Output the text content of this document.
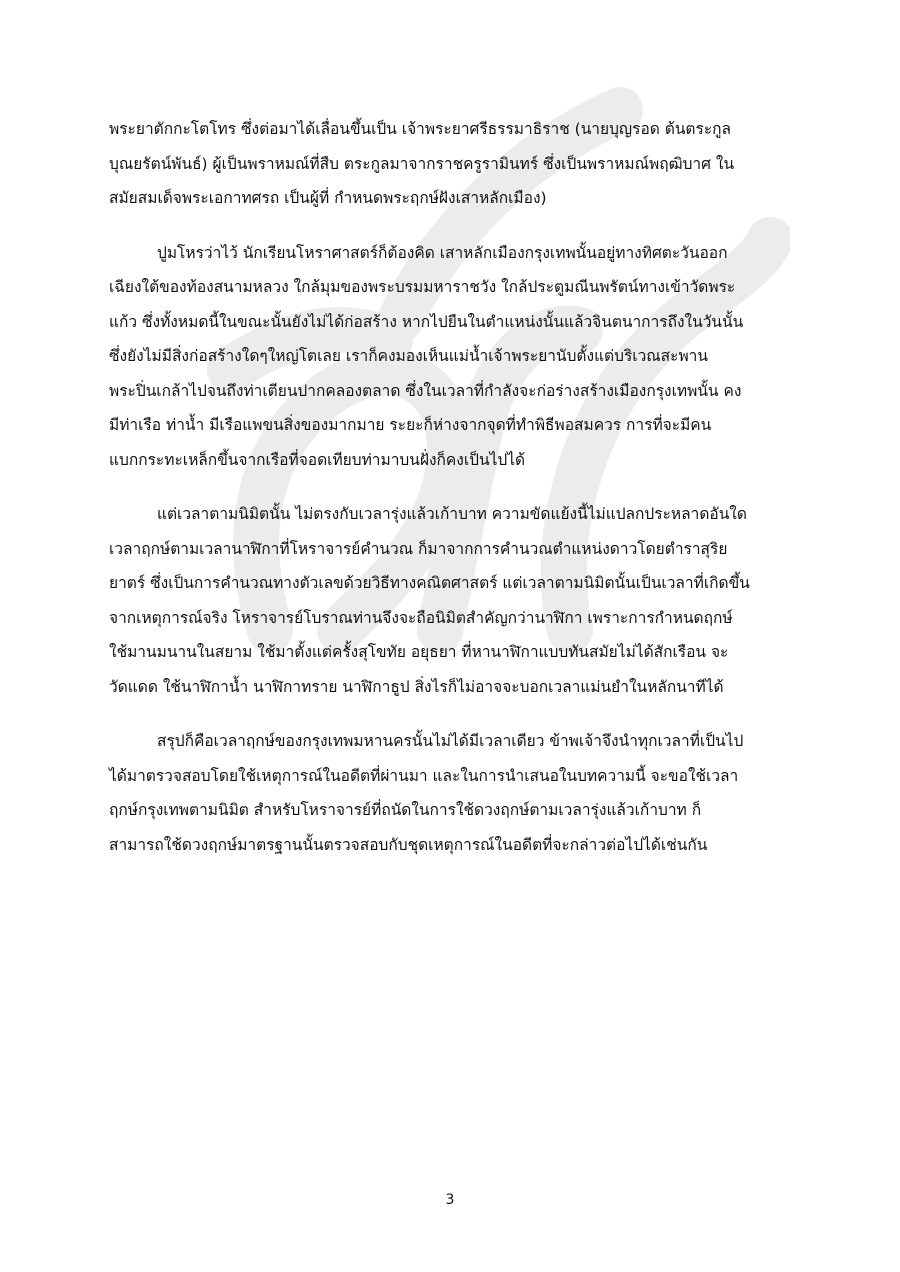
พระยาตักกะโตโทร ซึ่งต่อมาได้เลื่อนขึ้นเป็น เจ้าพระยาศรีธรรมาธิราช (นายบุญรอด ต้นตระกูล
บุณยรัตน์พันธ์) ผู้เป็นพราหมณ์ที่สืบ ตระกูลมาจากราชครูรามินทร์ ซึ่งเป็นพราหมณ์พฤฒิบาศ ใน
สมัยสมเด็จพระเอกาทศรถ เป็นผู้ที่ กำหนดพระฤกษ์ฝังเสาหลักเมือง)
ปูมโหรว่าไว้ นักเรียนโหราศาสตร์ก็ต้องคิด เสาหลักเมืองกรุงเทพนั้นอยู่ทางทิศตะวันออก
เฉียงใต้ของท้องสนามหลวง ใกล้มุมของพระบรมมหาราชวัง ใกล้ประตูมณีนพรัตน์ทางเข้าวัดพระ
แก้ว ซึ่งทั้งหมดนี้ในขณะนั้นยังไม่ได้ก่อสร้าง หากไปยืนในตำแหน่งนั้นแล้วจินตนาการถึงในวันนั้น
ซึ่งยังไม่มีสิ่งก่อสร้างใดๆใหญ่โตเลย เราก็คงมองเห็นแม่น้ำเจ้าพระยานับตั้งแต่บริเวณสะพาน
พระปิ่นเกล้าไปจนถึงท่าเตียนปากคลองตลาด ซึ่งในเวลาที่กำลังจะก่อร่างสร้างเมืองกรุงเทพนั้น คง
มีท่าเรือ ท่าน้ำ มีเรือแพขนสิ่งของมากมาย ระยะก็ห่างจากจุดที่ทำพิธีพอสมควร การที่จะมีคน
แบกกระทะเหล็กขึ้นจากเรือที่จอดเทียบท่ามาบนฝั่งก็คงเป็นไปได้
แต่เวลาตามนิมิตนั้น ไม่ตรงกับเวลารุ่งแล้วเก้าบาท ความขัดแย้งนี้ไม่แปลกประหลาดอันใด
เวลาฤกษ์ตามเวลานาฬิกาที่โหราจารย์คำนวณ ก็มาจากการคำนวณตำแหน่งดาวโดยตำราสุริย
ยาตร์ ซึ่งเป็นการคำนวณทางตัวเลขด้วยวิธีทางคณิตศาสตร์ แต่เวลาตามนิมิตนั้นเป็นเวลาที่เกิดขึ้น
จากเหตุการณ์จริง โหราจารย์โบราณท่านจึงจะถือนิมิตสำคัญกว่านาฬิกา เพราะการกำหนดฤกษ์
ใช้มานมนานในสยาม ใช้มาตั้งแต่ครั้งสุโขทัย อยุธยา ที่หานาฬิกาแบบทันสมัยไม่ได้สักเรือน จะ
วัดแดด ใช้นาฬิกาน้ำ นาฬิกาทราย นาฬิกาธูป สิ่งไรก็ไม่อาจจะบอกเวลาแม่นยำในหลักนาทีได้
สรุปก็คือเวลาฤกษ์ของกรุงเทพมหานครนั้นไม่ได้มีเวลาเดียว ข้าพเจ้าจึงนำทุกเวลาที่เป็นไป
ได้มาตรวจสอบโดยใช้เหตุการณ์ในอดีตที่ผ่านมา และในการนำเสนอในบทความนี้ จะขอใช้เวลา
ฤกษ์กรุงเทพตามนิมิต สำหรับโหราจารย์ที่ถนัดในการใช้ดวงฤกษ์ตามเวลารุ่งแล้วเก้าบาท ก็
สามารถใช้ดวงฤกษ์มาตรฐานนั้นตรวจสอบกับชุดเหตุการณ์ในอดีตที่จะกล่าวต่อไปได้เช่นกัน
3
